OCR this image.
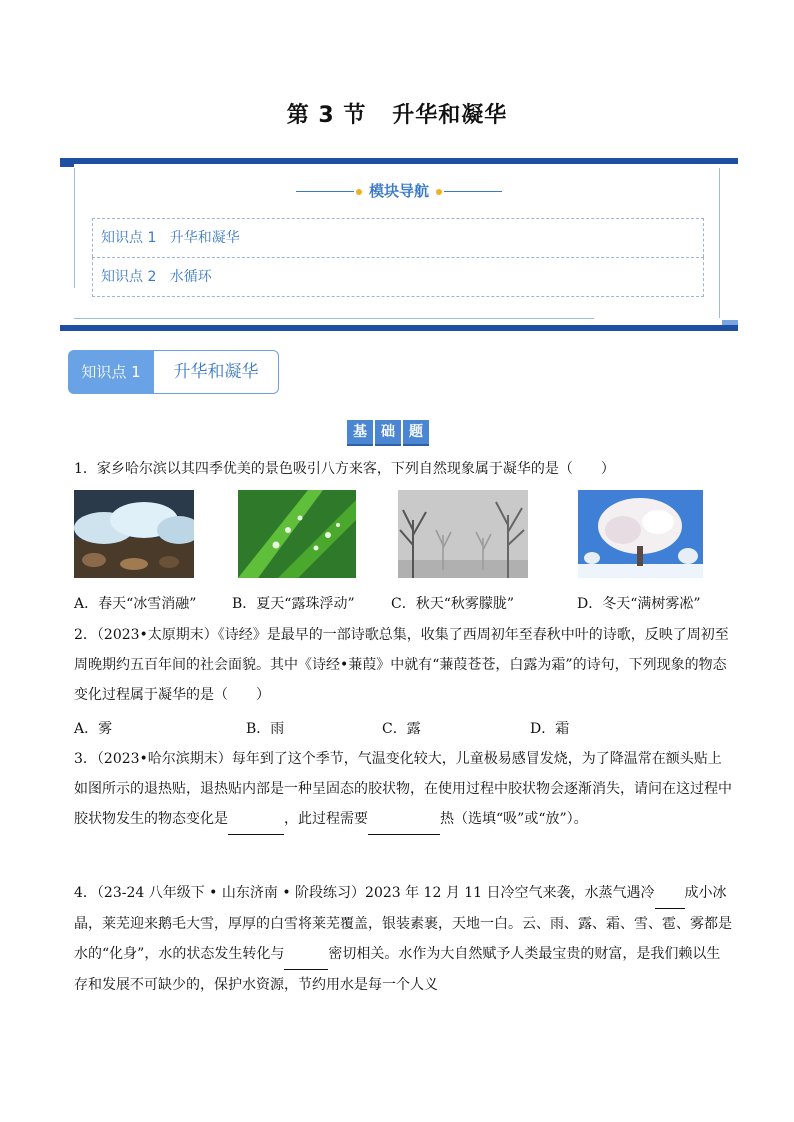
第 3 节   升华和凝华
模块导航
知识点 1   升华和凝华
知识点 2   水循环
知识点 1	升华和凝华
基	础	题
1．家乡哈尔滨以其四季优美的景色吸引八方来客，下列自然现象属于凝华的是（　　）
A．春天“冰雪消融”	B．夏天“露珠浮动”	C．秋天“秋雾朦胧”	D．冬天“满树雾凇”
2．（2023•太原期末）《诗经》是最早的一部诗歌总集，收集了西周初年至春秋中叶的诗歌，反映了周初至周晚期约五百年间的社会面貌。其中《诗经•蒹葭》中就有“蒹葭苍苍，白露为霜”的诗句，下列现象的物态变化过程属于凝华的是（　　）
A．雾	B．雨	C．露	D．霜
3．（2023•哈尔滨期末）每年到了这个季节，气温变化较大，儿童极易感冒发烧，为了降温常在额头贴上如图所示的退热贴，退热贴内部是一种呈固态的胶状物，在使用过程中胶状物会逐渐消失，请问在这过程中胶状物发生的物态变化是	，此过程需要	热（选填“吸”或“放”）。
4．（23-24 八年级下 • 山东济南 • 阶段练习）2023 年 12 月 11 日冷空气来袭，水蒸气遇冷 成小冰晶，莱芜迎来鹅毛大雪，厚厚的白雪将莱芜覆盖，银装素裹，天地一白。云、雨、露、霜、雪、雹、雾都是水的“化身”，水的状态发生转化与	密切相关。水作为大自然赋予人类最宝贵的财富，是我们赖以生存和发展不可缺少的，保护水资源，节约用水是每一个人义
